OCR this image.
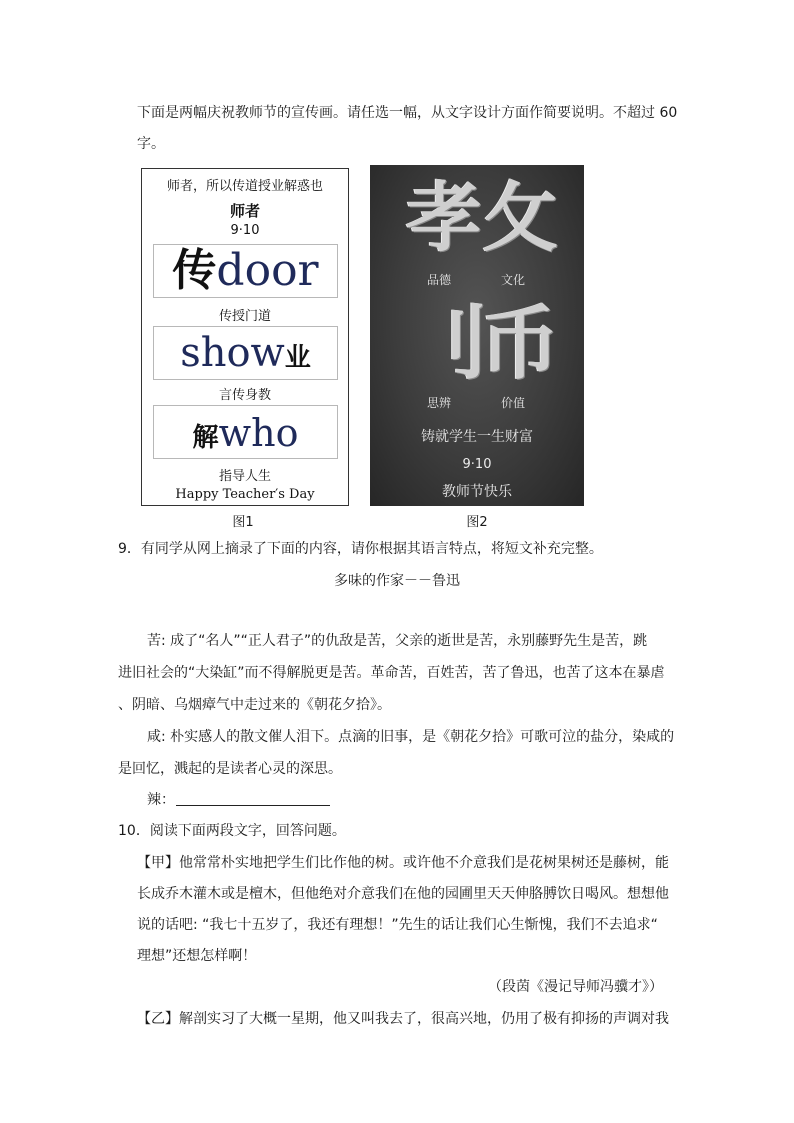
下面是两幅庆祝教师节的宣传画。请任选一幅，从文字设计方面作简要说明。不超过 60
字。
师者，所以传道授业解惑也
师者
9·10
传door
传授门道
show业
言传身教
解who
指导人生
Happy Teacher′s Day
图1
孝 攵
品德	文化
刂
币
思辨	价值
铸就学生一生财富
9·10
教师节快乐
图2
9．有同学从网上摘录了下面的内容，请你根据其语言特点，将短文补充完整。
多味的作家－－鲁迅
苦: 成了“名人”“正人君子”的仇敌是苦，父亲的逝世是苦，永别藤野先生是苦，跳
进旧社会的“大染缸”而不得解脱更是苦。革命苦，百姓苦，苦了鲁迅，也苦了这本在暴虐
、阴暗、乌烟瘴气中走过来的《朝花夕拾》。
咸: 朴实感人的散文催人泪下。点滴的旧事，是《朝花夕拾》可歌可泣的盐分，染咸的
是回忆，溅起的是读者心灵的深思。
辣：
10．阅读下面两段文字，回答问题。
【甲】他常常朴实地把学生们比作他的树。或许他不介意我们是花树果树还是藤树，能
长成乔木灌木或是檀木，但他绝对介意我们在他的园圃里天天伸胳膊饮日喝风。想想他
说的话吧: “我七十五岁了，我还有理想！”先生的话让我们心生惭愧，我们不去追求“
理想”还想怎样啊！
（段茵《漫记导师冯骥才》）
【乙】解剖实习了大概一星期，他又叫我去了，很高兴地，仍用了极有抑扬的声调对我
